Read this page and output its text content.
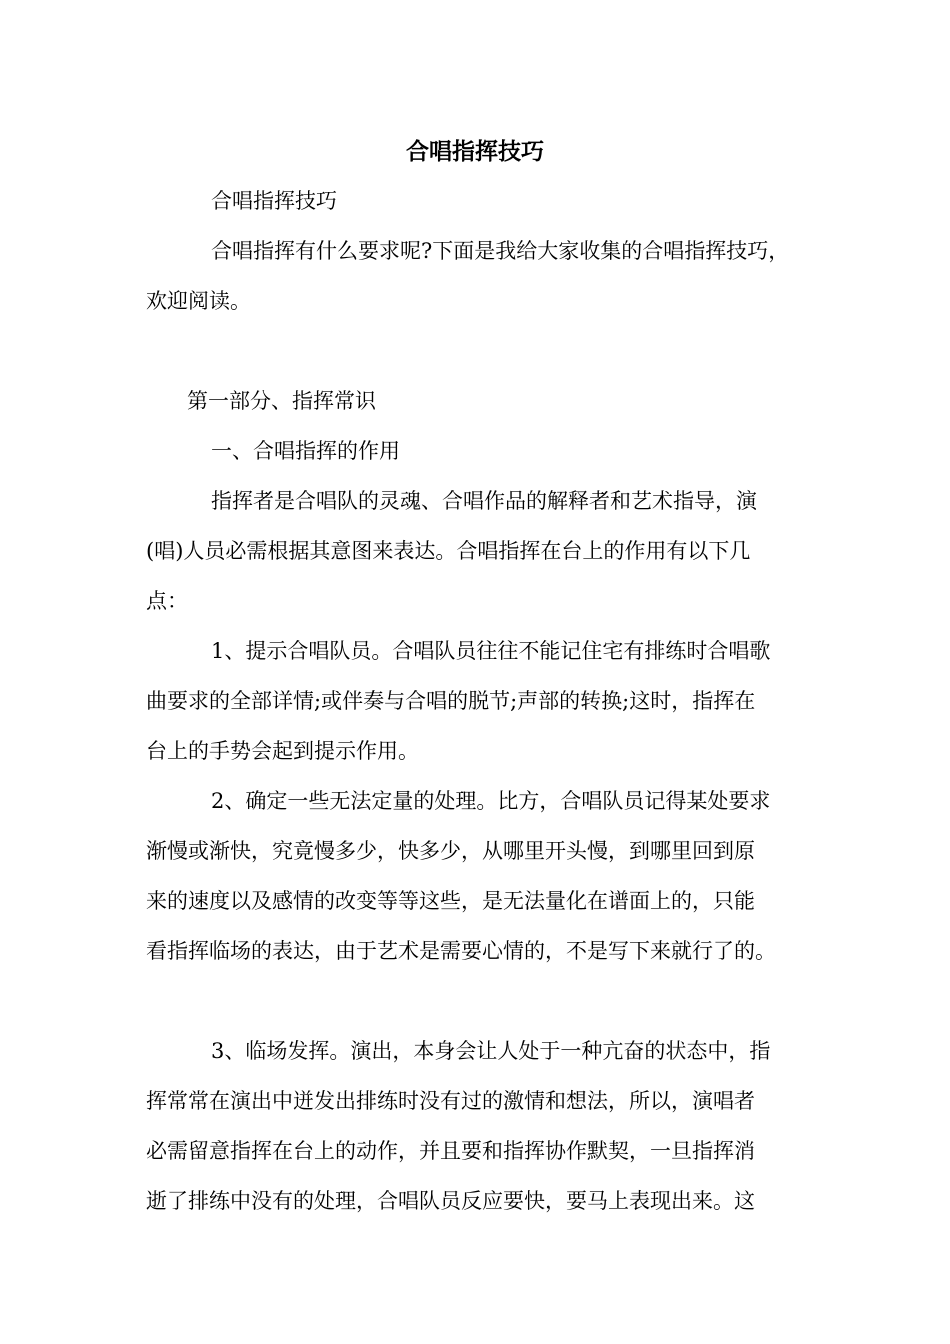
合唱指挥技巧

合唱指挥技巧

合唱指挥有什么要求呢?下面是我给大家收集的合唱指挥技巧，

欢迎阅读。

第一部分、指挥常识

一、合唱指挥的作用

指挥者是合唱队的灵魂、合唱作品的解释者和艺术指导，演

(唱)人员必需根据其意图来表达。合唱指挥在台上的作用有以下几

点：

1、提示合唱队员。合唱队员往往不能记住宅有排练时合唱歌

曲要求的全部详情;或伴奏与合唱的脱节;声部的转换;这时，指挥在

台上的手势会起到提示作用。

2、确定一些无法定量的处理。比方，合唱队员记得某处要求

渐慢或渐快，究竟慢多少，快多少，从哪里开头慢，到哪里回到原

来的速度以及感情的改变等等这些，是无法量化在谱面上的，只能

看指挥临场的表达，由于艺术是需要心情的，不是写下来就行了的。

3、临场发挥。演出，本身会让人处于一种亢奋的状态中，指

挥常常在演出中迸发出排练时没有过的激情和想法，所以，演唱者

必需留意指挥在台上的动作，并且要和指挥协作默契，一旦指挥消

逝了排练中没有的处理，合唱队员反应要快，要马上表现出来。这
